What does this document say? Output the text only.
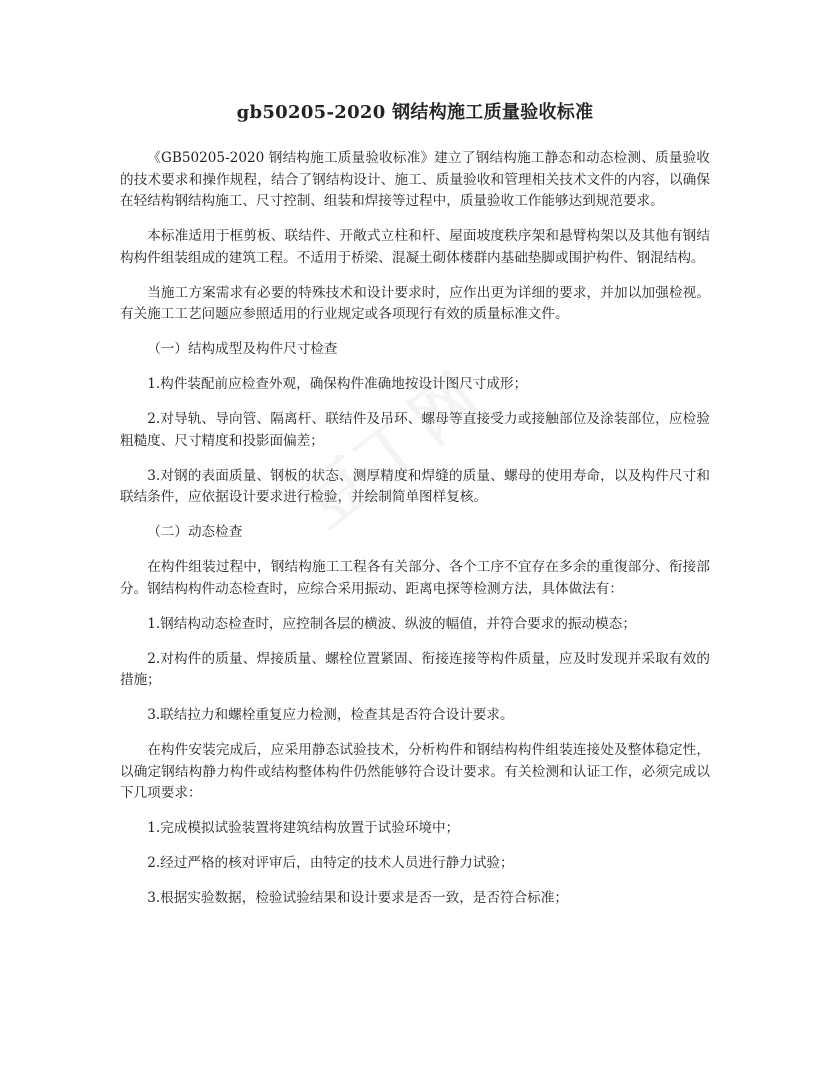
gb50205-2020 钢结构施工质量验收标准

《GB50205-2020 钢结构施工质量验收标准》建立了钢结构施工静态和动态检测、质量验收的技术要求和操作规程，结合了钢结构设计、施工、质量验收和管理相关技术文件的内容，以确保在轻结构钢结构施工、尺寸控制、组装和焊接等过程中，质量验收工作能够达到规范要求。

本标准适用于框剪板、联结件、开敞式立柱和杆、屋面坡度秩序架和悬臂构架以及其他有钢结构构件组装组成的建筑工程。不适用于桥梁、混凝土砌体楼群内基础垫脚或围护构件、钢混结构。

当施工方案需求有必要的特殊技术和设计要求时，应作出更为详细的要求，并加以加强检视。有关施工工艺问题应参照适用的行业规定或各项现行有效的质量标准文件。

（一）结构成型及构件尺寸检查

1.构件装配前应检查外观，确保构件准确地按设计图尺寸成形；

2.对导轨、导向管、隔离杆、联结件及吊环、螺母等直接受力或接触部位及涂装部位，应检验粗糙度、尺寸精度和投影面偏差；

3.对钢的表面质量、钢板的状态、测厚精度和焊缝的质量、螺母的使用寿命，以及构件尺寸和联结条件，应依据设计要求进行检验，并绘制简单图样复核。

（二）动态检查

在构件组装过程中，钢结构施工工程各有关部分、各个工序不宜存在多余的重復部分、衔接部分。钢结构构件动态检查时，应综合采用振动、距离电探等检测方法，具体做法有：

1.钢结构动态检查时，应控制各层的横波、纵波的幅值，并符合要求的振动模态；

2.对构件的质量、焊接质量、螺栓位置紧固、衔接连接等构件质量，应及时发现并采取有效的措施；

3.联结拉力和螺栓重复应力检测，检查其是否符合设计要求。

在构件安装完成后，应采用静态试验技术，分析构件和钢结构构件组装连接处及整体稳定性，以确定钢结构静力构件或结构整体构件仍然能够符合设计要求。有关检测和认证工作，必须完成以下几项要求：

1.完成模拟试验装置将建筑结构放置于试验环境中；

2.经过严格的核对评审后，由特定的技术人员进行静力试验；

3.根据实验数据，检验试验结果和设计要求是否一致，是否符合标准；
